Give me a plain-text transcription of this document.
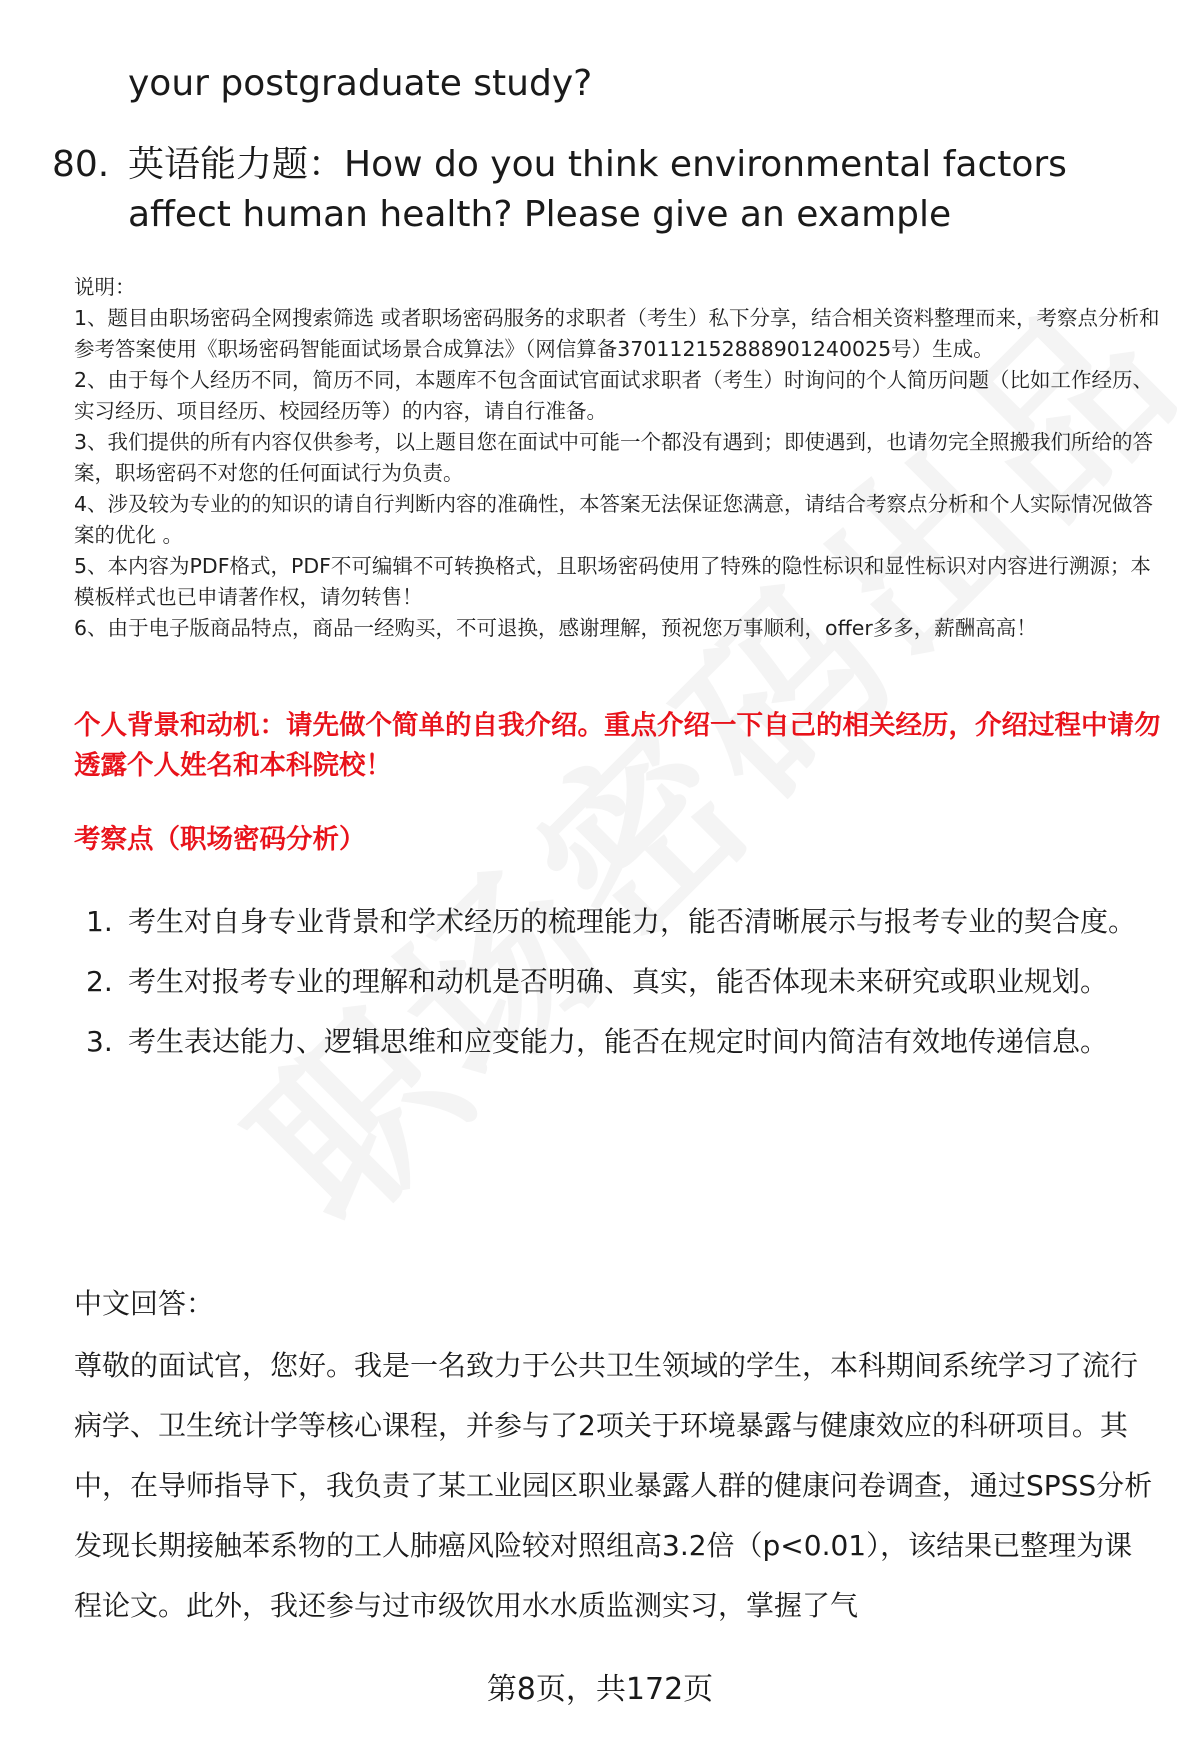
your postgraduate study?
80. 英语能力题：How do you think environmental factors affect human health? Please give an example
说明：
1、题目由职场密码全网搜索筛选 或者职场密码服务的求职者（考生）私下分享，结合相关资料整理而来，考察点分析和参考答案使用《职场密码智能面试场景合成算法》（网信算备370112152888901240025号）生成。
2、由于每个人经历不同，简历不同，本题库不包含面试官面试求职者（考生）时询问的个人简历问题（比如工作经历、实习经历、项目经历、校园经历等）的内容，请自行准备。
3、我们提供的所有内容仅供参考，以上题目您在面试中可能一个都没有遇到；即使遇到，也请勿完全照搬我们所给的答案，职场密码不对您的任何面试行为负责。
4、涉及较为专业的的知识的请自行判断内容的准确性，本答案无法保证您满意，请结合考察点分析和个人实际情况做答案的优化 。
5、本内容为PDF格式，PDF不可编辑不可转换格式，且职场密码使用了特殊的隐性标识和显性标识对内容进行溯源；本模板样式也已申请著作权，请勿转售！
6、由于电子版商品特点，商品一经购买，不可退换，感谢理解，预祝您万事顺利，offer多多，薪酬高高！
个人背景和动机：请先做个简单的自我介绍。重点介绍一下自己的相关经历，介绍过程中请勿透露个人姓名和本科院校！
考察点（职场密码分析）
1. 考生对自身专业背景和学术经历的梳理能力，能否清晰展示与报考专业的契合度。
2. 考生对报考专业的理解和动机是否明确、真实，能否体现未来研究或职业规划。
3. 考生表达能力、逻辑思维和应变能力，能否在规定时间内简洁有效地传递信息。
中文回答：
尊敬的面试官，您好。我是一名致力于公共卫生领域的学生，本科期间系统学习了流行病学、卫生统计学等核心课程，并参与了2项关于环境暴露与健康效应的科研项目。其中，在导师指导下，我负责了某工业园区职业暴露人群的健康问卷调查，通过SPSS分析发现长期接触苯系物的工人肺癌风险较对照组高3.2倍（p<0.01），该结果已整理为课程论文。此外，我还参与过市级饮用水水质监测实习，掌握了气
第8页，共172页
